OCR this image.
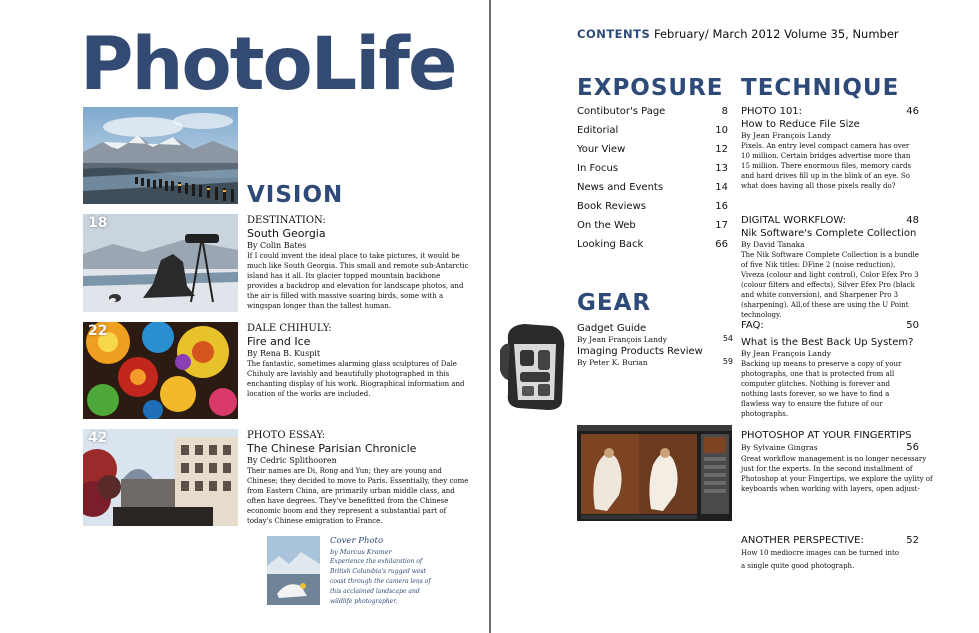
PhotoLife
VISION
18	DESTINATION:
South Georgia
By Colin Bates
If I could invent the ideal place to take pictures, it would be much like South Georgia. This small and remote sub-Antarctic island has it all. Its glacier topped mountain backbone provides a backdrop and elevation for landscape photos, and the air is filled with massive soaring birds, some with a wingspan longer than the tallest human.
22	DALE CHIHULY:
Fire and Ice
By Rena B. Kuspit
The fantastic, sometimes alarming glass sculptures of Dale Chihuly are lavishly and beautifully photographed in this enchanting display of his work. Biographical information and location of the works are included.
42	PHOTO ESSAY:
The Chinese Parisian Chronicle
By Cedric Splithooren
Their names are Di, Rong and Yun; they are young and Chinese; they decided to move to Paris. Essentially, they come from Eastern China, are primarily urban middle class, and often have degrees. They've benefitted from the Chinese economic boom and they represent a substantial part of today's Chinese emigration to France.
Cover Photo
by Marcus Kramer
Experience the exhilaration of British Columbia's rugged west coast through the camera lens of this acclaimed landscape and wildlife photographer.
CONTENTS February/ March 2012 Volume 35, Number
EXPOSURE TECHNIQUE
Contibutor's Page	8
Editorial	10
Your View	12
In Focus	13
News and Events	14
Book Reviews	16
On the Web	17
Looking Back	66
GEAR
Gadget Guide
54
By Jean François Landy
Imaging Products Review
59
By Peter K. Burian
PHOTO 101:	46
How to Reduce File Size
By Jean François Landy
Pixels. An entry level compact camera has over 10 million. Certain bridges advertise more than 15 million. There enormous files, memory cards and hard drives fill up in the blink of an eye. So what does having all those pixels really do?
DIGITAL WORKFLOW:	48
Nik Software's Complete Collection
By David Tanaka
The Nik Software Complete Collection is a bundle of five Nik titles: DFine 2 (noise reduction), Viveza (colour and light control), Color Efex Pro 3 (colour filters and effects), Silver Efex Pro (black and white conversion), and Sharpener Pro 3 (sharpening). All,of these are using the U Point technology.
FAQ:	50
What is the Best Back Up System?
By Jean François Landy
Backing up means to preserve a copy of your photographs, one that is protected from all computer glitches. Nothing is forever and nothing lasts forever, so we have to find a flawless way to ensure the future of our photographs.
PHOTOSHOP AT YOUR FINGERTIPS
By Sylvaine Gingras	56
Great workflow management is no longer necessary just for the experts. In the second installment of Photoshop at your Fingertips, we explore the uylity of keyboards when working with layers, open adjust-
ANOTHER PERSPECTIVE:	52
How 10 mediocre images can be turned into
a single quite good photograph.
